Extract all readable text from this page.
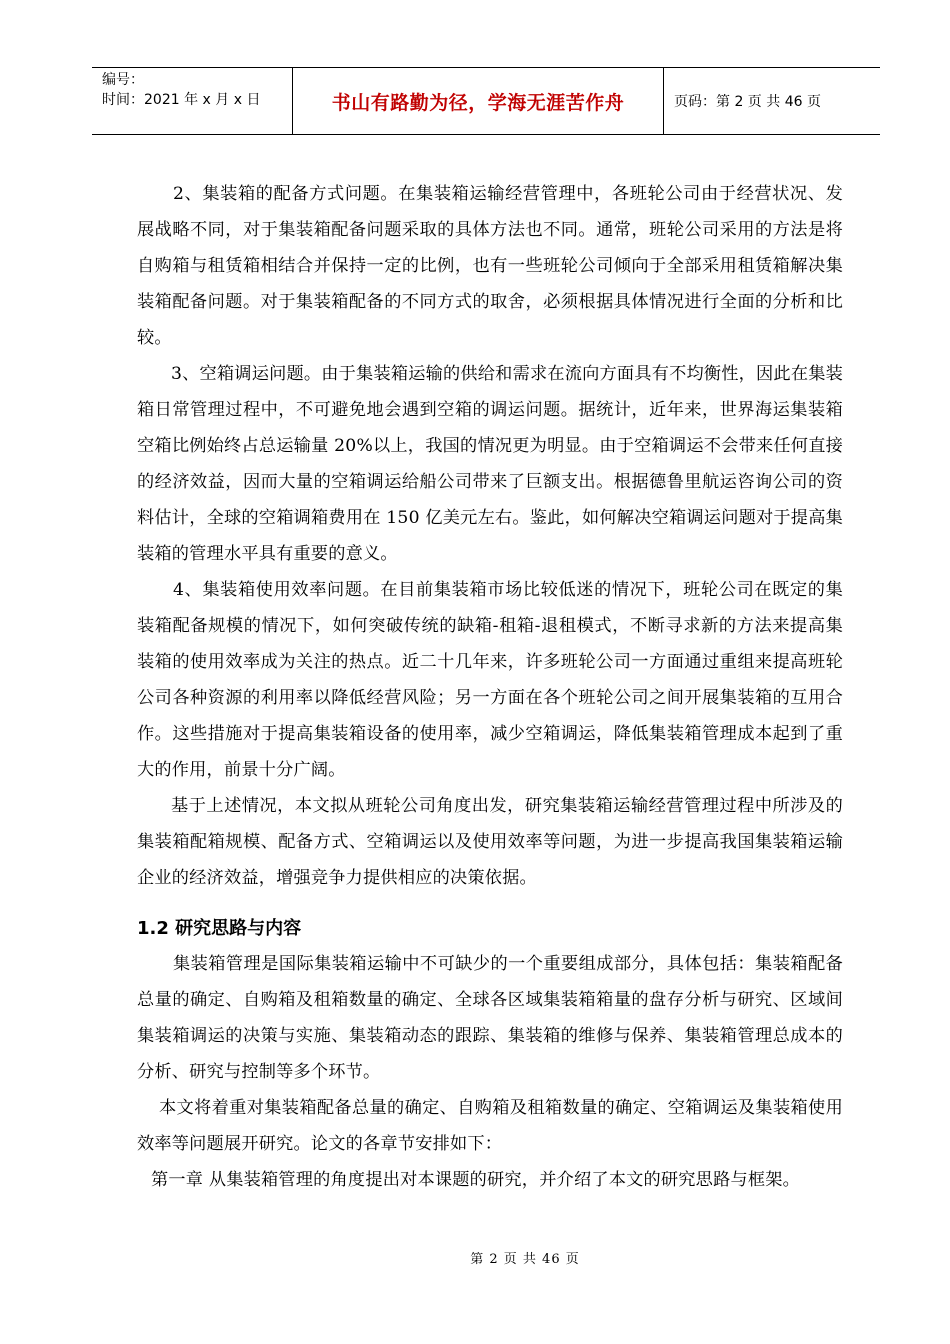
编号：
时间：2021 年 x 月 x 日	书山有路勤为径，学海无涯苦作舟	页码：第 2 页 共 46 页

2、集装箱的配备方式问题。在集装箱运输经营管理中，各班轮公司由于经营状况、发展战略不同，对于集装箱配备问题采取的具体方法也不同。通常，班轮公司采用的方法是将自购箱与租赁箱相结合并保持一定的比例，也有一些班轮公司倾向于全部采用租赁箱解决集装箱配备问题。对于集装箱配备的不同方式的取舍，必须根据具体情况进行全面的分析和比较。

3、空箱调运问题。由于集装箱运输的供给和需求在流向方面具有不均衡性，因此在集装箱日常管理过程中，不可避免地会遇到空箱的调运问题。据统计，近年来，世界海运集装箱空箱比例始终占总运输量 20%以上，我国的情况更为明显。由于空箱调运不会带来任何直接的经济效益，因而大量的空箱调运给船公司带来了巨额支出。根据德鲁里航运咨询公司的资料估计，全球的空箱调箱费用在 150 亿美元左右。鉴此，如何解决空箱调运问题对于提高集装箱的管理水平具有重要的意义。

4、集装箱使用效率问题。在目前集装箱市场比较低迷的情况下，班轮公司在既定的集装箱配备规模的情况下，如何突破传统的缺箱-租箱-退租模式，不断寻求新的方法来提高集装箱的使用效率成为关注的热点。近二十几年来，许多班轮公司一方面通过重组来提高班轮公司各种资源的利用率以降低经营风险；另一方面在各个班轮公司之间开展集装箱的互用合作。这些措施对于提高集装箱设备的使用率，减少空箱调运，降低集装箱管理成本起到了重大的作用，前景十分广阔。

基于上述情况，本文拟从班轮公司角度出发，研究集装箱运输经营管理过程中所涉及的集装箱配箱规模、配备方式、空箱调运以及使用效率等问题，为进一步提高我国集装箱运输企业的经济效益，增强竞争力提供相应的决策依据。

1.2 研究思路与内容

集装箱管理是国际集装箱运输中不可缺少的一个重要组成部分，具体包括：集装箱配备总量的确定、自购箱及租箱数量的确定、全球各区域集装箱箱量的盘存分析与研究、区域间集装箱调运的决策与实施、集装箱动态的跟踪、集装箱的维修与保养、集装箱管理总成本的分析、研究与控制等多个环节。

本文将着重对集装箱配备总量的确定、自购箱及租箱数量的确定、空箱调运及集装箱使用效率等问题展开研究。论文的各章节安排如下：

第一章 从集装箱管理的角度提出对本课题的研究，并介绍了本文的研究思路与框架。

第 2 页 共 46 页
